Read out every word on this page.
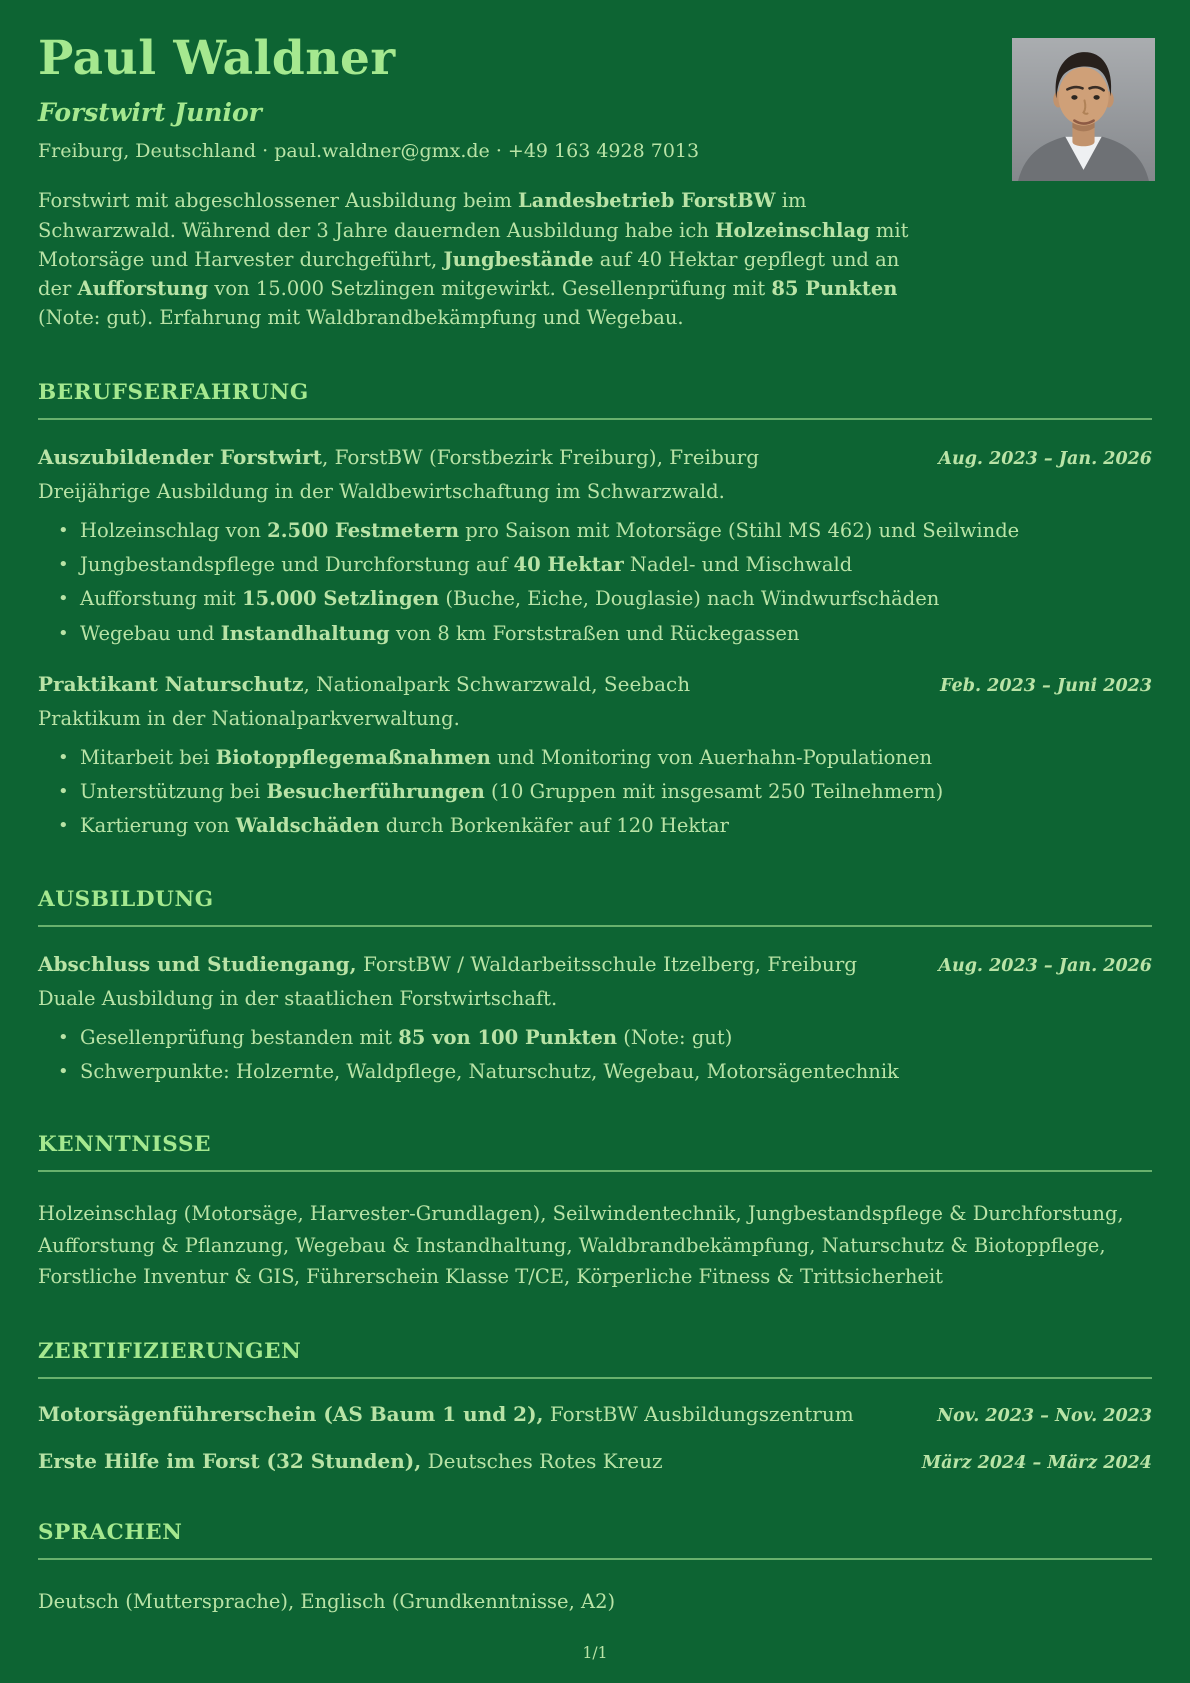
Paul Waldner
Forstwirt Junior
Freiburg, Deutschland · paul.waldner@gmx.de · +49 163 4928 7013

Forstwirt mit abgeschlossener Ausbildung beim Landesbetrieb ForstBW im Schwarzwald. Während der 3 Jahre dauernden Ausbildung habe ich Holzeinschlag mit Motorsäge und Harvester durchgeführt, Jungbestände auf 40 Hektar gepflegt und an der Aufforstung von 15.000 Setzlingen mitgewirkt. Gesellenprüfung mit 85 Punkten (Note: gut). Erfahrung mit Waldbrandbekämpfung und Wegebau.

BERUFSERFAHRUNG
Auszubildender Forstwirt, ForstBW (Forstbezirk Freiburg), Freiburg	Aug. 2023 – Jan. 2026
Dreijährige Ausbildung in der Waldbewirtschaftung im Schwarzwald.
• Holzeinschlag von 2.500 Festmetern pro Saison mit Motorsäge (Stihl MS 462) und Seilwinde
• Jungbestandspflege und Durchforstung auf 40 Hektar Nadel- und Mischwald
• Aufforstung mit 15.000 Setzlingen (Buche, Eiche, Douglasie) nach Windwurfschäden
• Wegebau und Instandhaltung von 8 km Forststraßen und Rückegassen
Praktikant Naturschutz, Nationalpark Schwarzwald, Seebach	Feb. 2023 – Juni 2023
Praktikum in der Nationalparkverwaltung.
• Mitarbeit bei Biotoppflegemaßnahmen und Monitoring von Auerhahn-Populationen
• Unterstützung bei Besucherführungen (10 Gruppen mit insgesamt 250 Teilnehmern)
• Kartierung von Waldschäden durch Borkenkäfer auf 120 Hektar
AUSBILDUNG
Abschluss und Studiengang, ForstBW / Waldarbeitsschule Itzelberg, Freiburg	Aug. 2023 – Jan. 2026
Duale Ausbildung in der staatlichen Forstwirtschaft.
• Gesellenprüfung bestanden mit 85 von 100 Punkten (Note: gut)
• Schwerpunkte: Holzernte, Waldpflege, Naturschutz, Wegebau, Motorsägentechnik
KENNTNISSE

Holzeinschlag (Motorsäge, Harvester-Grundlagen), Seilwindentechnik, Jungbestandspflege & Durchforstung, Aufforstung & Pflanzung, Wegebau & Instandhaltung, Waldbrandbekämpfung, Naturschutz & Biotoppflege, Forstliche Inventur & GIS, Führerschein Klasse T/CE, Körperliche Fitness & Trittsicherheit

ZERTIFIZIERUNGEN
Motorsägenführerschein (AS Baum 1 und 2), ForstBW Ausbildungszentrum	Nov. 2023 – Nov. 2023
Erste Hilfe im Forst (32 Stunden), Deutsches Rotes Kreuz	März 2024 – März 2024
SPRACHEN

Deutsch (Muttersprache), Englisch (Grundkenntnisse, A2)

1/1
